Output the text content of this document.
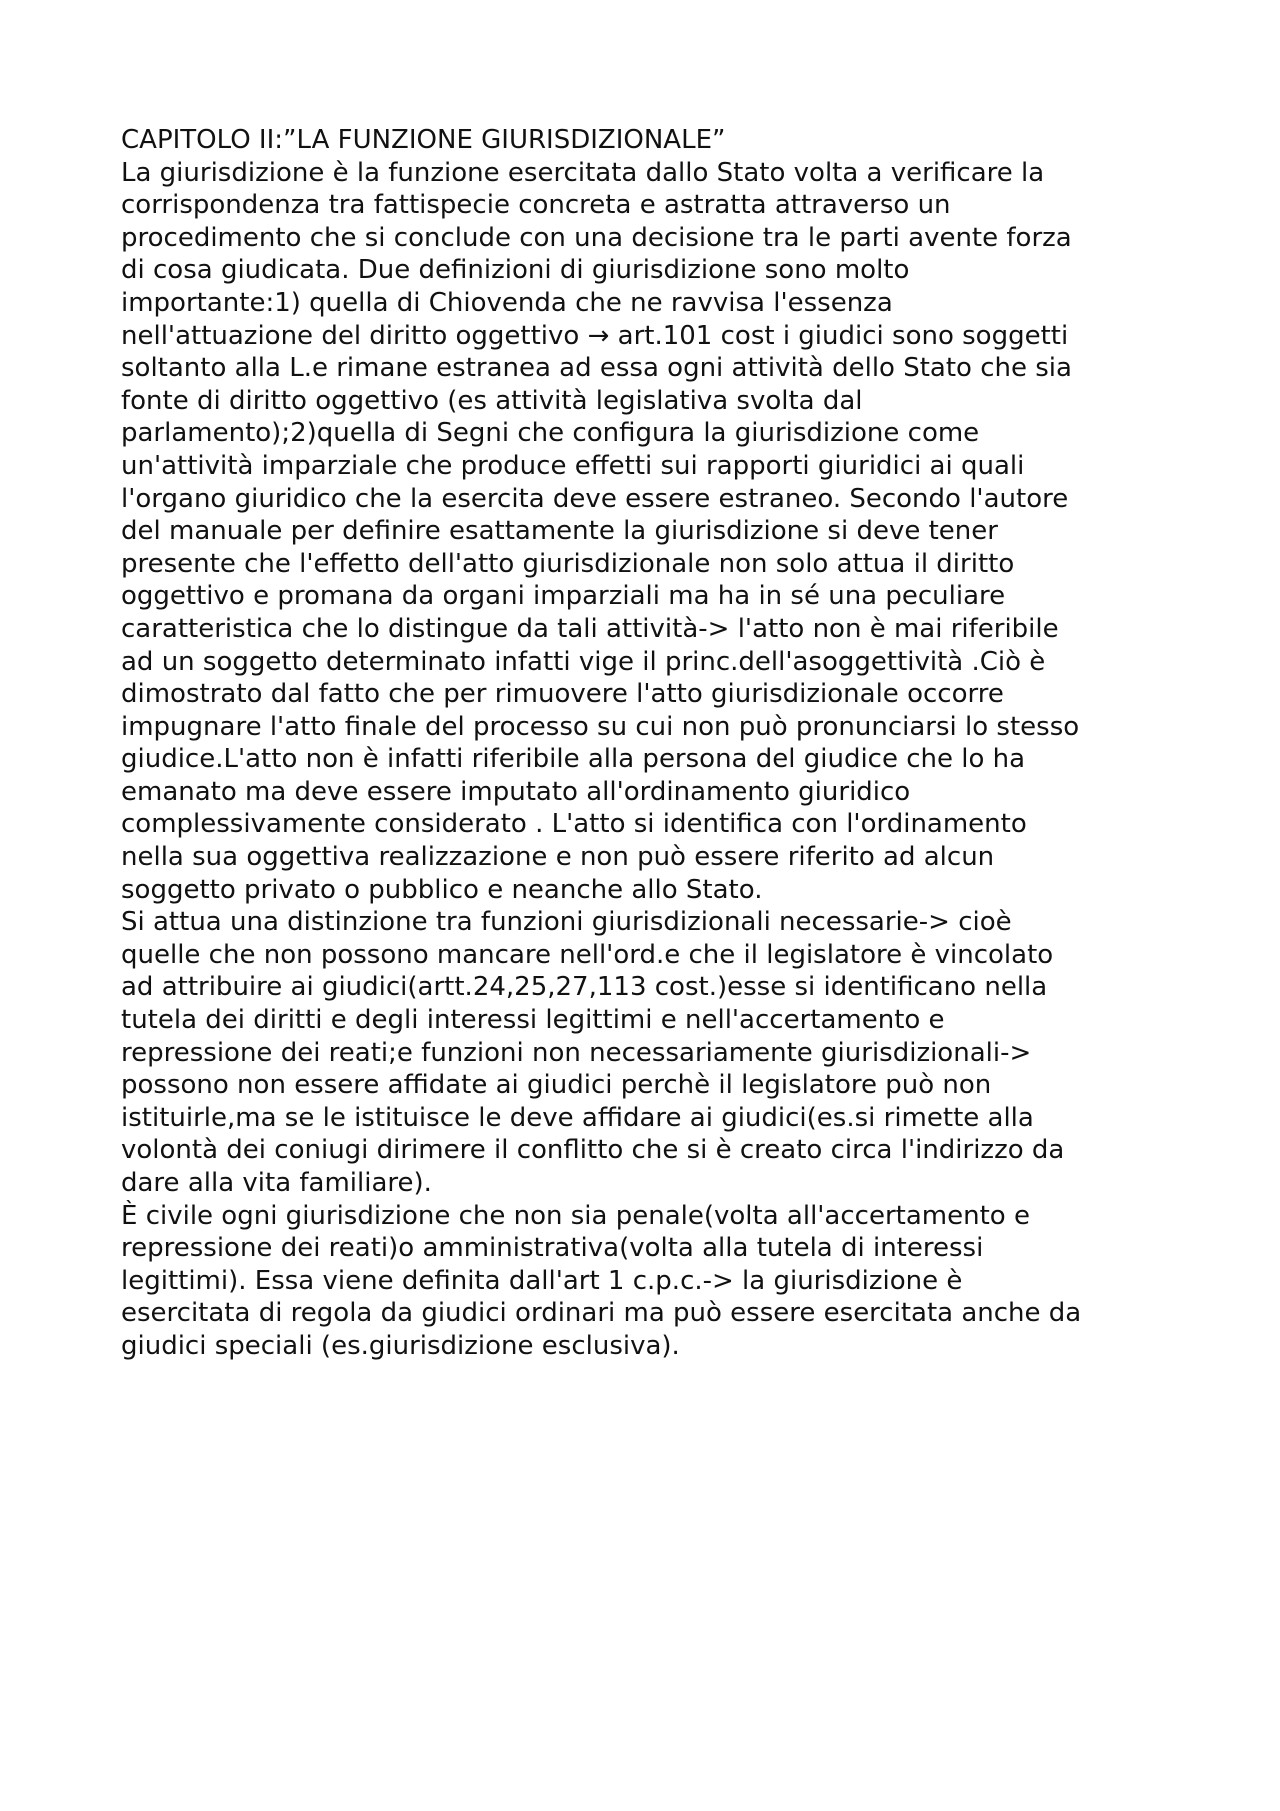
CAPITOLO II:”LA FUNZIONE GIURISDIZIONALE”
La giurisdizione è la funzione esercitata dallo Stato volta a verificare la
corrispondenza tra fattispecie concreta e astratta attraverso un
procedimento che si conclude con una decisione tra le parti avente forza
di cosa giudicata. Due definizioni di giurisdizione sono molto
importante:1) quella di Chiovenda che ne ravvisa l'essenza
nell'attuazione del diritto oggettivo → art.101 cost i giudici sono soggetti
soltanto alla L.e rimane estranea ad essa ogni attività dello Stato che sia
fonte di diritto oggettivo (es attività legislativa svolta dal
parlamento);2)quella di Segni che configura la giurisdizione come
un'attività imparziale che produce effetti sui rapporti giuridici ai quali
l'organo giuridico che la esercita deve essere estraneo. Secondo l'autore
del manuale per definire esattamente la giurisdizione si deve tener
presente che l'effetto dell'atto giurisdizionale non solo attua il diritto
oggettivo e promana da organi imparziali ma ha in sé una peculiare
caratteristica che lo distingue da tali attività-> l'atto non è mai riferibile
ad un soggetto determinato infatti vige il princ.dell'asoggettività .Ciò è
dimostrato dal fatto che per rimuovere l'atto giurisdizionale occorre
impugnare l'atto finale del processo su cui non può pronunciarsi lo stesso
giudice.L'atto non è infatti riferibile alla persona del giudice che lo ha
emanato ma deve essere imputato all'ordinamento giuridico
complessivamente considerato . L'atto si identifica con l'ordinamento
nella sua oggettiva realizzazione e non può essere riferito ad alcun
soggetto privato o pubblico e neanche allo Stato.
Si attua una distinzione tra funzioni giurisdizionali necessarie-> cioè
quelle che non possono mancare nell'ord.e che il legislatore è vincolato
ad attribuire ai giudici(artt.24,25,27,113 cost.)esse si identificano nella
tutela dei diritti e degli interessi legittimi e nell'accertamento e
repressione dei reati;e funzioni non necessariamente giurisdizionali->
possono non essere affidate ai giudici perchè il legislatore può non
istituirle,ma se le istituisce le deve affidare ai giudici(es.si rimette alla
volontà dei coniugi dirimere il conflitto che si è creato circa l'indirizzo da
dare alla vita familiare).
È civile ogni giurisdizione che non sia penale(volta all'accertamento e
repressione dei reati)o amministrativa(volta alla tutela di interessi
legittimi). Essa viene definita dall'art 1 c.p.c.-> la giurisdizione è
esercitata di regola da giudici ordinari ma può essere esercitata anche da
giudici speciali (es.giurisdizione esclusiva).
